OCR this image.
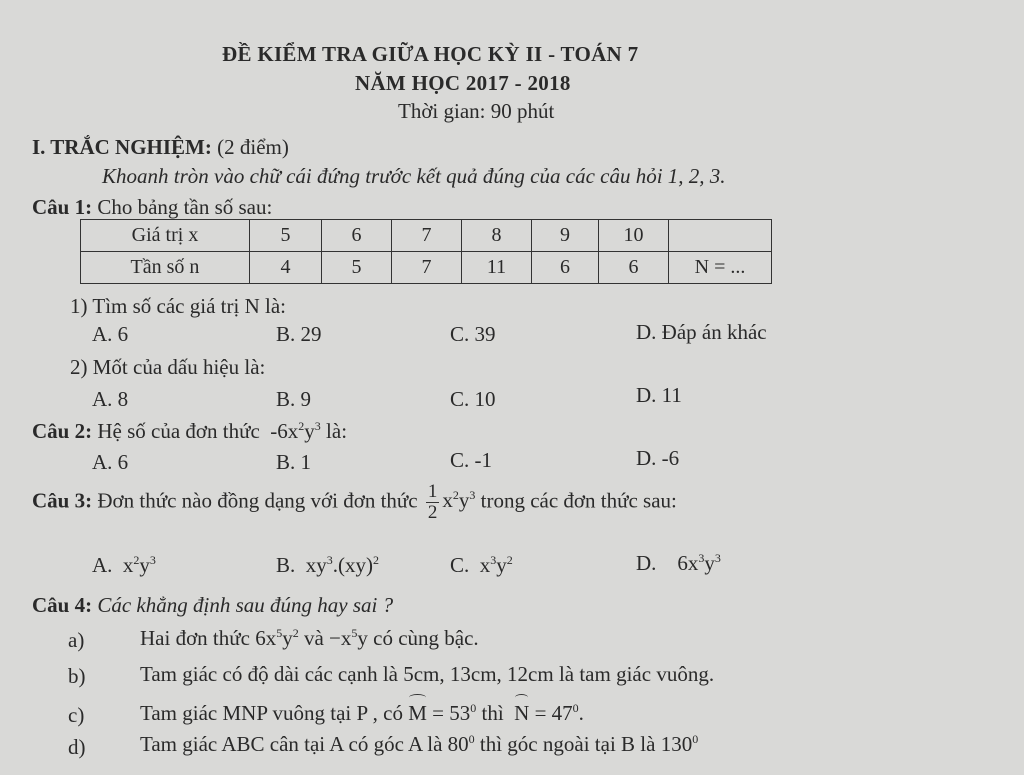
ĐỀ KIỂM TRA GIỮA HỌC KỲ II - TOÁN 7
NĂM HỌC 2017 - 2018
Thời gian: 90 phút
I. TRẮC NGHIỆM: (2 điểm)
Khoanh tròn vào chữ cái đứng trước kết quả đúng của các câu hỏi 1, 2, 3.
Câu 1: Cho bảng tần số sau:
Giá trị x	5	6	7	8	9	10	
Tần số n	4	5	7	11	6	6	N = ...
1) Tìm số các giá trị N là:
A. 6	B. 29	C. 39	D. Đáp án khác
2) Mốt của dấu hiệu là:
A. 8	B. 9	C. 10	D. 11
Câu 2: Hệ số của đơn thức  $-6x^2y^3$ là:
A. 6	B. 1	C. -1	D. -6
Câu 3: Đơn thức nào đồng dạng với đơn thức $\frac{1}{2} x^2y^3$ trong các đơn thức sau:
A.  $x^2y^3$	B.  $xy^3.(xy)^2$	C.  $x^3y^2$	D.    $6x^3y^3$
Câu 4: Các khẳng định sau đúng hay sai ?
a)	Hai đơn thức $6x^5y^2$ và $-x^5y$ có cùng bậc.
b)	Tam giác có độ dài các cạnh là 5cm, 13cm, 12cm là tam giác vuông.
c)	Tam giác MNP vuông tại P , có $M = 53^0$ thì $N = 47^0$.
d)	Tam giác ABC cân tại A có góc A là $80^0$ thì góc ngoài tại B là $130^0$
